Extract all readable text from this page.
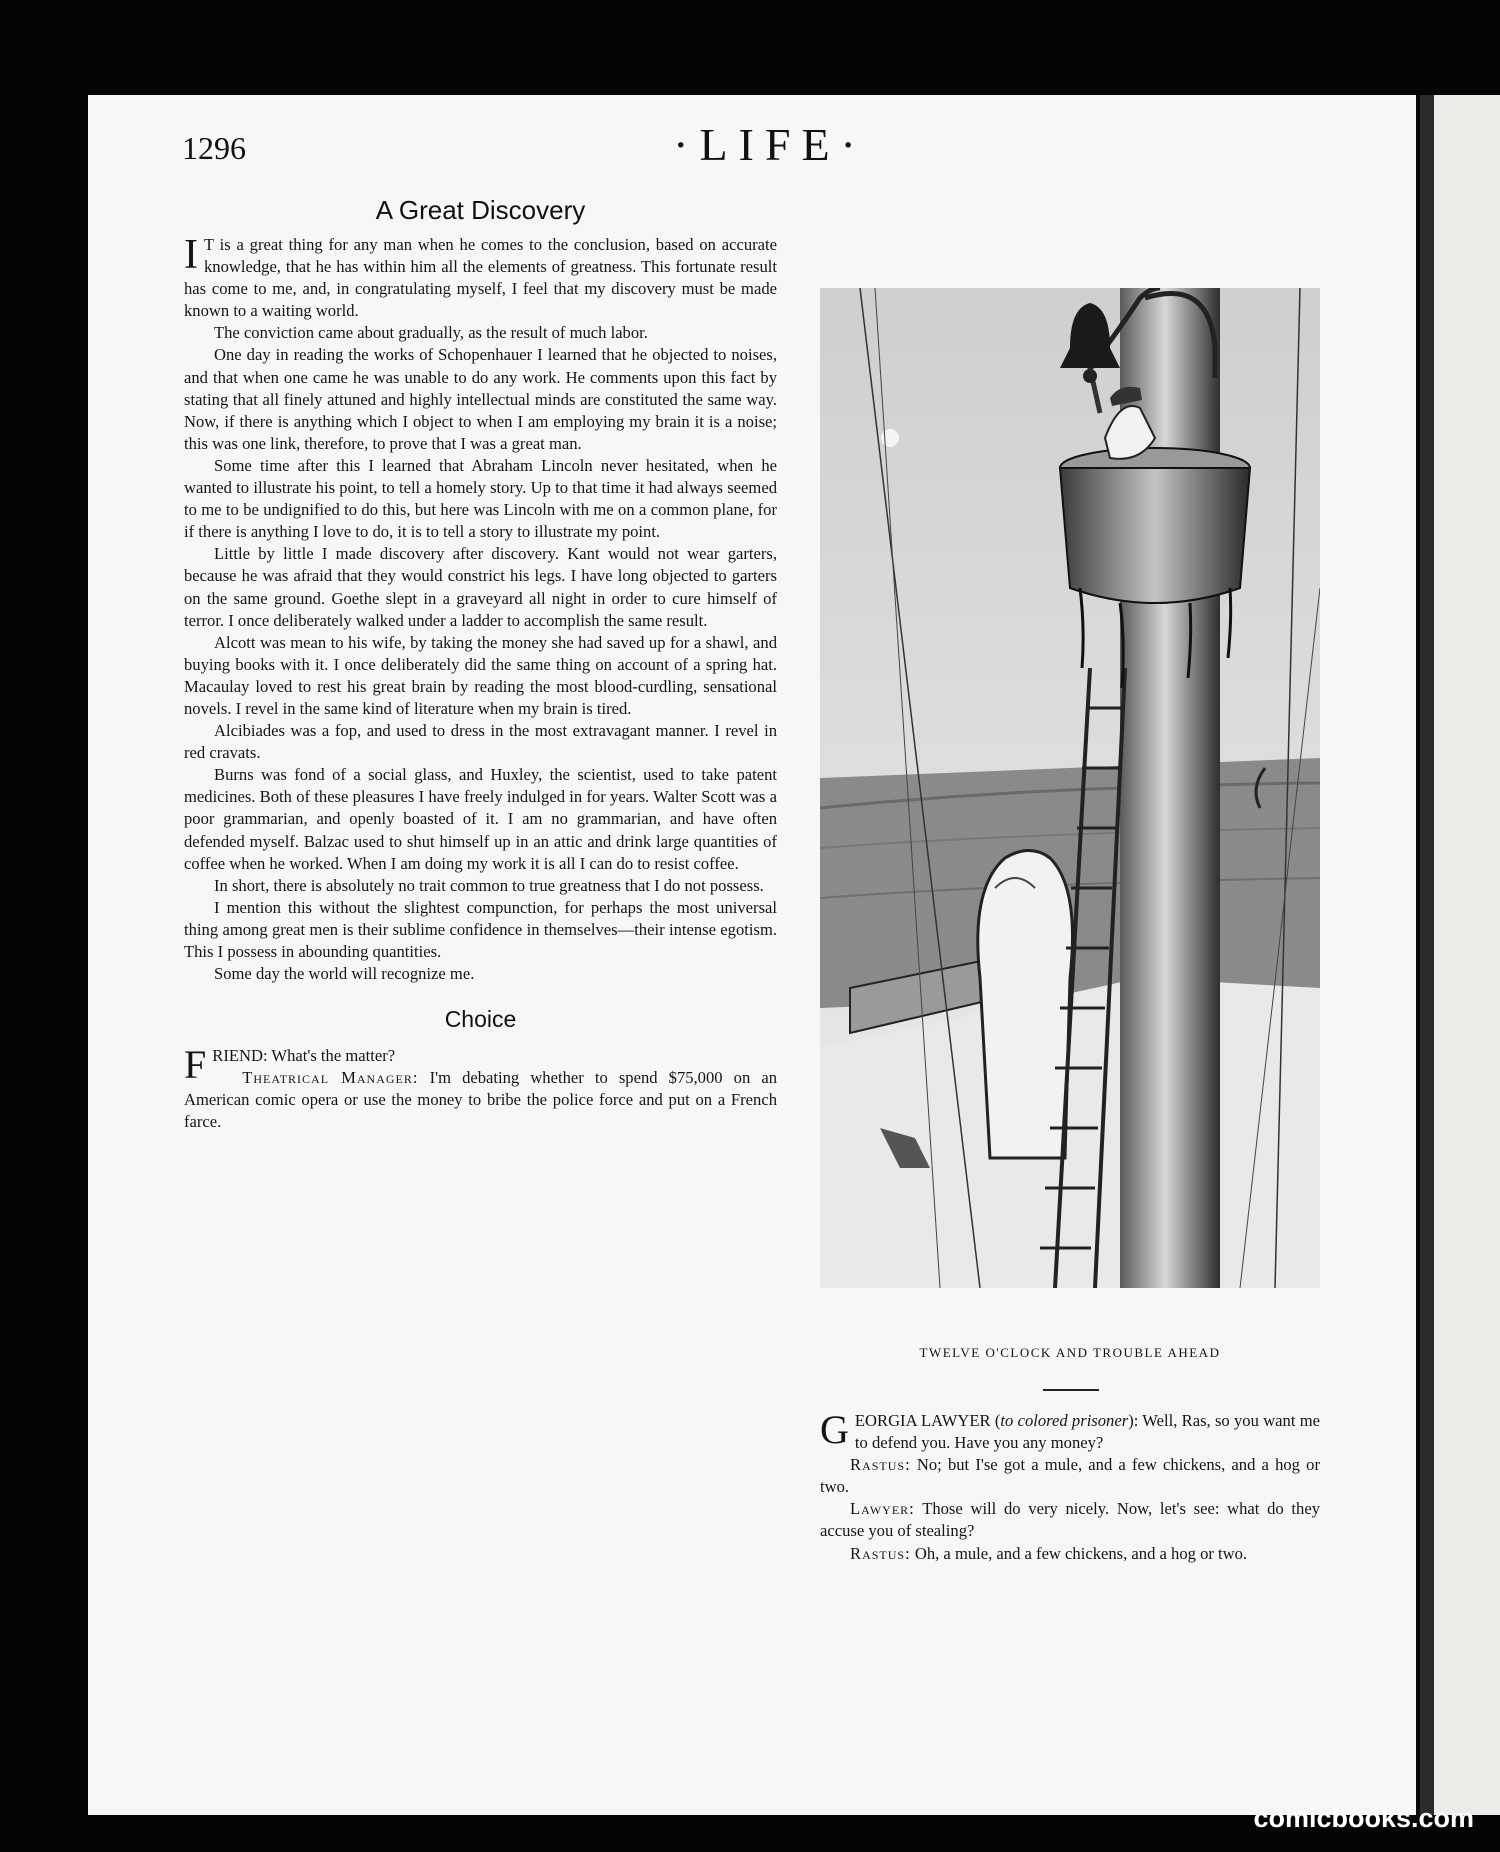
1296	·LIFE·
A Great Discovery

I T is a great thing for any man when he comes to the conclusion, based on accurate knowledge, that he has within him all the elements of greatness. This fortunate result has come to me, and, in congratulating myself, I feel that my discovery must be made known to a waiting world.

The conviction came about gradually, as the result of much labor.

One day in reading the works of Schopenhauer I learned that he objected to noises, and that when one came he was unable to do any work. He comments upon this fact by stating that all finely attuned and highly intellectual minds are constituted the same way. Now, if there is anything which I object to when I am employing my brain it is a noise; this was one link, therefore, to prove that I was a great man.

Some time after this I learned that Abraham Lincoln never hesitated, when he wanted to illustrate his point, to tell a homely story. Up to that time it had always seemed to me to be undignified to do this, but here was Lincoln with me on a common plane, for if there is anything I love to do, it is to tell a story to illustrate my point.

Little by little I made discovery after discovery. Kant would not wear garters, because he was afraid that they would constrict his legs. I have long objected to garters on the same ground. Goethe slept in a graveyard all night in order to cure himself of terror. I once deliberately walked under a ladder to accomplish the same result.

Alcott was mean to his wife, by taking the money she had saved up for a shawl, and buying books with it. I once deliberately did the same thing on account of a spring hat. Macaulay loved to rest his great brain by reading the most blood-curdling, sensational novels. I revel in the same kind of literature when my brain is tired.

Alcibiades was a fop, and used to dress in the most extravagant manner. I revel in red cravats.

Burns was fond of a social glass, and Huxley, the scientist, used to take patent medicines. Both of these pleasures I have freely indulged in for years. Walter Scott was a poor grammarian, and openly boasted of it. I am no grammarian, and have often defended myself. Balzac used to shut himself up in an attic and drink large quantities of coffee when he worked. When I am doing my work it is all I can do to resist coffee.

In short, there is absolutely no trait common to true greatness that I do not possess.

I mention this without the slightest compunction, for perhaps the most universal thing among great men is their sublime confidence in themselves—their intense egotism. This I possess in abounding quantities.

Some day the world will recognize me.

Choice

FRIEND: What's the matter?

Theatrical Manager: I'm debating whether to spend $75,000 on an American comic opera or use the money to bribe the police force and put on a French farce.

TWELVE O'CLOCK AND TROUBLE AHEAD

GEORGIA LAWYER (to colored prisoner): Well, Ras, so you want me to defend you. Have you any money?

Rastus: No; but I'se got a mule, and a few chickens, and a hog or two.

Lawyer: Those will do very nicely. Now, let's see: what do they accuse you of stealing?

Rastus: Oh, a mule, and a few chickens, and a hog or two.

comicbooks.com
